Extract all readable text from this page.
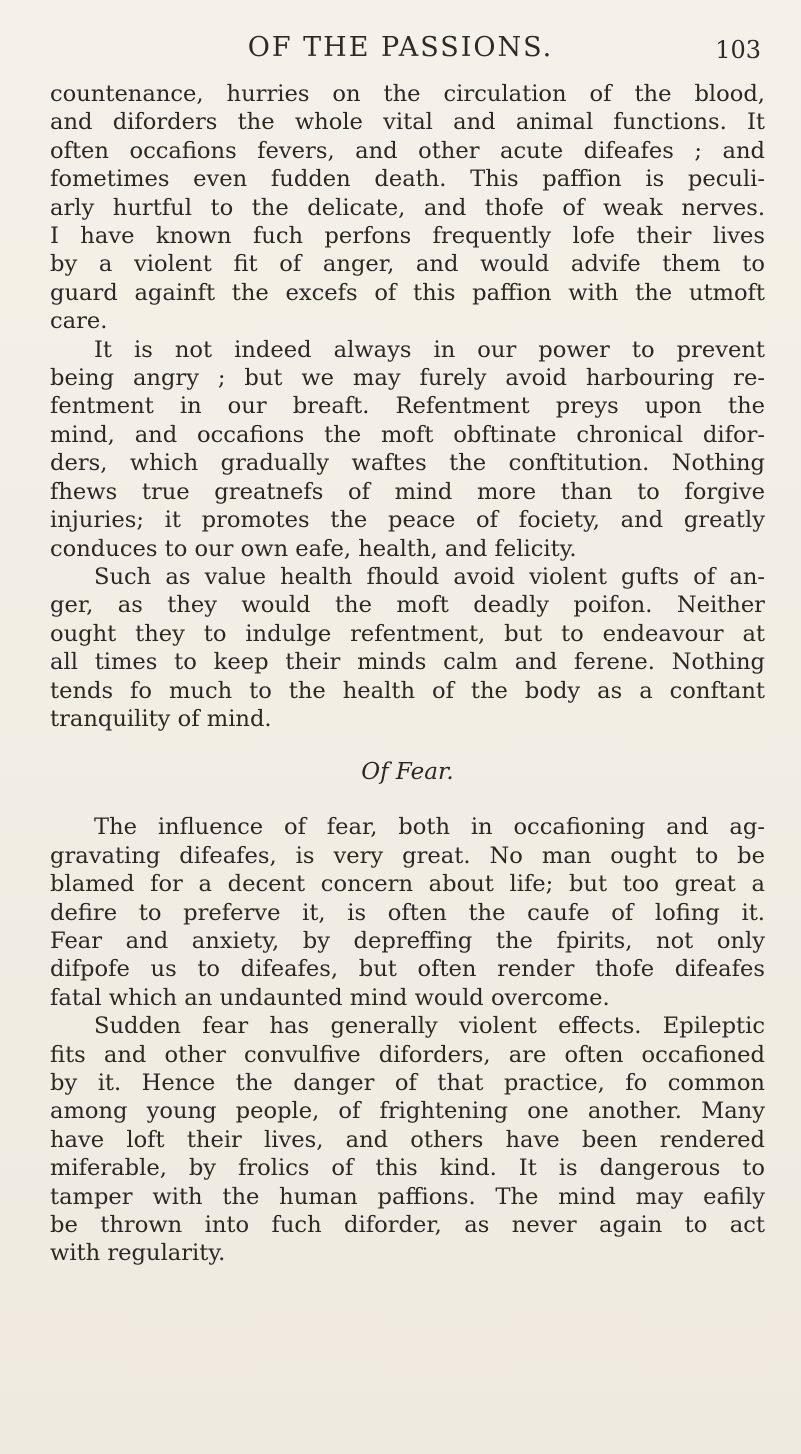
OF THE PASSIONS.	103
countenance, hurries on the circulation of the blood,
and diforders the whole vital and animal functions. It
often occafions fevers, and other acute difeafes ; and
fometimes even fudden death. This paffion is peculi-
arly hurtful to the delicate, and thofe of weak nerves.
I have known fuch perfons frequently lofe their lives
by a violent fit of anger, and would advife them to
guard againft the excefs of this paffion with the utmoft
care.
It is not indeed always in our power to prevent
being angry ; but we may furely avoid harbouring re-
fentment in our breaft. Refentment preys upon the
mind, and occafions the moft obftinate chronical difor-
ders, which gradually waftes the conftitution. Nothing
fhews true greatnefs of mind more than to forgive
injuries; it promotes the peace of fociety, and greatly
conduces to our own eafe, health, and felicity.
Such as value health fhould avoid violent gufts of an-
ger, as they would the moft deadly poifon. Neither
ought they to indulge refentment, but to endeavour at
all times to keep their minds calm and ferene. Nothing
tends fo much to the health of the body as a conftant
tranquility of mind.
Of Fear.
The influence of fear, both in occafioning and ag-
gravating difeafes, is very great. No man ought to be
blamed for a decent concern about life; but too great a
defire to preferve it, is often the caufe of lofing it.
Fear and anxiety, by depreffing the fpirits, not only
difpofe us to difeafes, but often render thofe difeafes
fatal which an undaunted mind would overcome.
Sudden fear has generally violent effects. Epileptic
fits and other convulfive diforders, are often occafioned
by it. Hence the danger of that practice, fo common
among young people, of frightening one another. Many
have loft their lives, and others have been rendered
miferable, by frolics of this kind. It is dangerous to
tamper with the human paffions. The mind may eafily
be thrown into fuch diforder, as never again to act
with regularity.
